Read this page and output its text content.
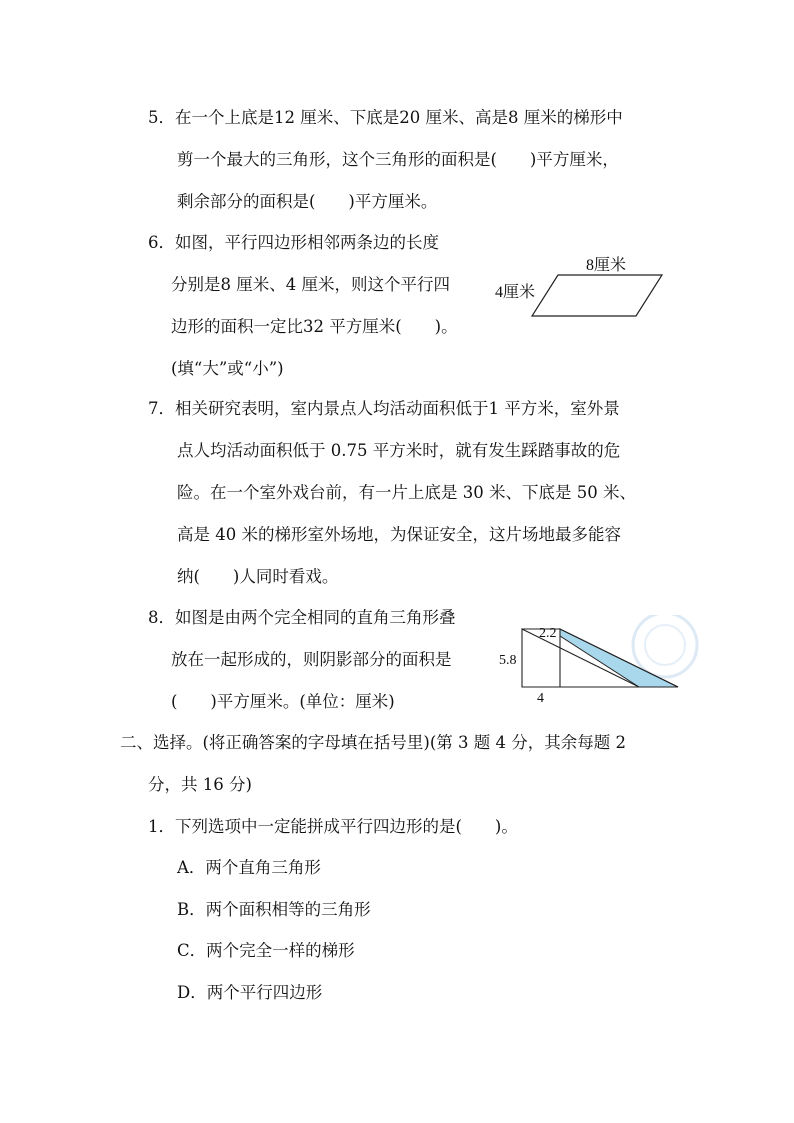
5．在一个上底是12 厘米、下底是20 厘米、高是8 厘米的梯形中
剪一个最大的三角形，这个三角形的面积是(　　)平方厘米，
剩余部分的面积是(　　)平方厘米。
6．如图，平行四边形相邻两条边的长度
分别是8 厘米、4 厘米，则这个平行四
边形的面积一定比32 平方厘米(　　)。
(填“大”或“小”)
8厘米
4厘米
7．相关研究表明，室内景点人均活动面积低于1 平方米，室外景
点人均活动面积低于 0.75 平方米时，就有发生踩踏事故的危
险。在一个室外戏台前，有一片上底是 30 米、下底是 50 米、
高是 40 米的梯形室外场地，为保证安全，这片场地最多能容
纳(　　)人同时看戏。
8．如图是由两个完全相同的直角三角形叠
放在一起形成的，则阴影部分的面积是
(　　)平方厘米。(单位：厘米)
2.2
5.8
4
二、选择。(将正确答案的字母填在括号里)(第 3 题 4 分，其余每题 2
分，共 16 分)
1．下列选项中一定能拼成平行四边形的是(　　)。
A．两个直角三角形
B．两个面积相等的三角形
C．两个完全一样的梯形
D．两个平行四边形
